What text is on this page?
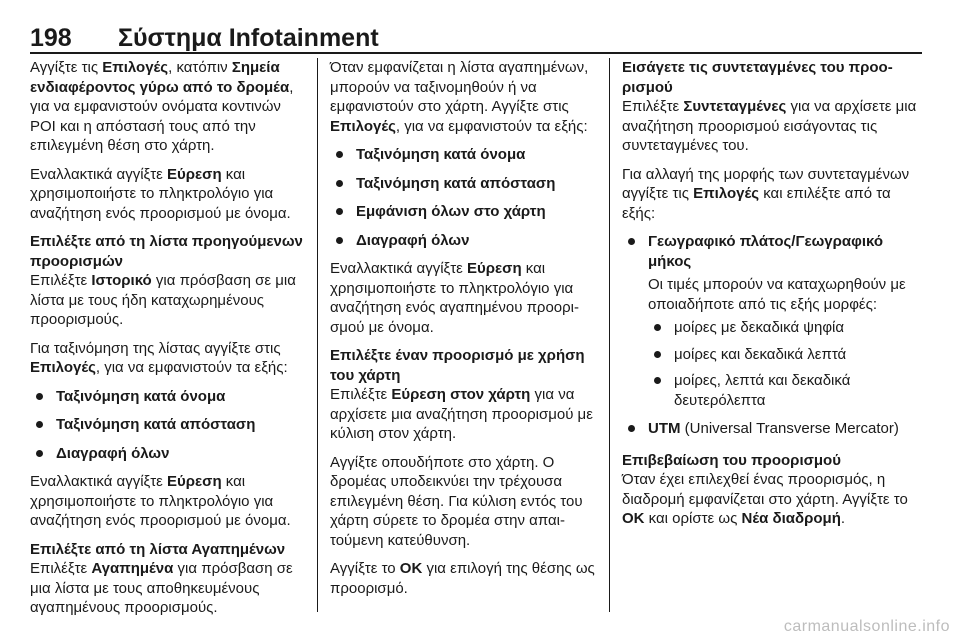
198 Σύστημα Infotainment

Αγγίξτε τις Επιλογές, κατόπιν Σημεία ενδιαφέροντος γύρω από το δρομέα, για να εμφανιστούν ονόματα κοντινών POI και η απόστασή τους από την επιλεγμένη θέση στο χάρτη.

Εναλλακτικά αγγίξτε Εύρεση και χρησιμοποιήστε το πληκτρολόγιο για αναζήτηση ενός προορισμού με όνομα.

Επιλέξτε από τη λίστα προηγούμενων προορισμών
Επιλέξτε Ιστορικό για πρόσβαση σε μια λίστα με τους ήδη καταχωρημένους προορισμούς.

Για ταξινόμηση της λίστας αγγίξτε στις Επιλογές, για να εμφανιστούν τα εξής:

Ταξινόμηση κατά όνομα
Ταξινόμηση κατά απόσταση
Διαγραφή όλων

Εναλλακτικά αγγίξτε Εύρεση και χρησιμοποιήστε το πληκτρολόγιο για αναζήτηση ενός προορισμού με όνομα.

Επιλέξτε από τη λίστα Αγαπημένων
Επιλέξτε Αγαπημένα για πρόσβαση σε μια λίστα με τους αποθηκευμένους αγαπημένους προορισμούς.

Όταν εμφανίζεται η λίστα αγαπημένων, μπορούν να ταξινομηθούν ή να εμφανιστούν στο χάρτη. Αγγίξτε στις Επιλογές, για να εμφανιστούν τα εξής:

Ταξινόμηση κατά όνομα
Ταξινόμηση κατά απόσταση
Εμφάνιση όλων στο χάρτη
Διαγραφή όλων

Εναλλακτικά αγγίξτε Εύρεση και χρησιμοποιήστε το πληκτρολόγιο για αναζήτηση ενός αγαπημένου προορισμού με όνομα.

Επιλέξτε έναν προορισμό με χρήση του χάρτη
Επιλέξτε Εύρεση στον χάρτη για να αρχίσετε μια αναζήτηση προορισμού με κύλιση στον χάρτη.

Αγγίξτε οπουδήποτε στο χάρτη. Ο δρομέας υποδεικνύει την τρέχουσα επιλεγμένη θέση. Για κύλιση εντός του χάρτη σύρετε το δρομέα στην απαιτούμενη κατεύθυνση.

Αγγίξτε το OK για επιλογή της θέσης ως προορισμό.

Εισάγετε τις συντεταγμένες του προορισμού
Επιλέξτε Συντεταγμένες για να αρχίσετε μια αναζήτηση προορισμού εισάγοντας τις συντεταγμένες του.

Για αλλαγή της μορφής των συντεταγμένων αγγίξτε τις Επιλογές και επιλέξτε από τα εξής:

Γεωγραφικό πλάτος/Γεωγραφικό μήκος
Οι τιμές μπορούν να καταχωρηθούν με οποιαδήποτε από τις εξής μορφές:
μοίρες με δεκαδικά ψηφία
μοίρες και δεκαδικά λεπτά
μοίρες, λεπτά και δεκαδικά δευτερόλεπτα
UTM (Universal Transverse Mercator)

Επιβεβαίωση του προορισμού
Όταν έχει επιλεχθεί ένας προορισμός, η διαδρομή εμφανίζεται στο χάρτη. Αγγίξτε το OK και ορίστε ως Νέα διαδρομή.

carmanualsonline.info
